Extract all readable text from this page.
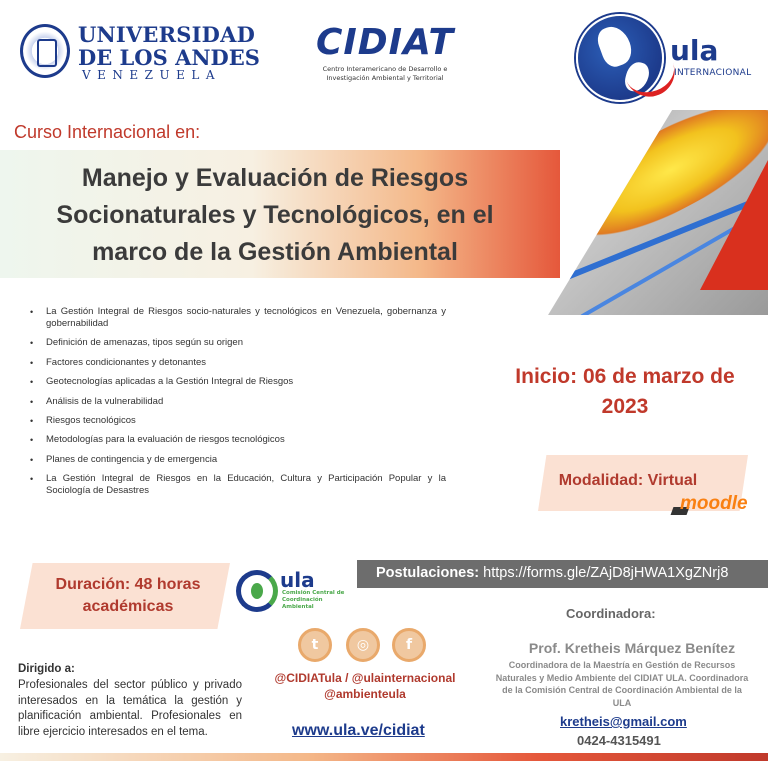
UNIVERSIDAD
DE LOS ANDES
VENEZUELA
CIDIAT
Centro Interamericano de Desarrollo e Investigación Ambiental y Territorial
ula
INTERNACIONAL
Curso Internacional en:
Manejo y Evaluación de Riesgos Socionaturales y Tecnológicos, en el marco de la Gestión Ambiental
• La Gestión Integral de Riesgos socio-naturales y tecnológicos en Venezuela, gobernanza y gobernabilidad
• Definición de amenazas, tipos según su origen
• Factores condicionantes y detonantes
• Geotecnologías aplicadas a la Gestión Integral de Riesgos
• Análisis de la vulnerabilidad
• Riesgos tecnológicos
• Metodologías para la evaluación de riesgos tecnológicos
• Planes de contingencia y de emergencia
• La Gestión Integral de Riesgos en la Educación, Cultura y Participación Popular y la Sociología de Desastres
Inicio: 06 de marzo de 2023
Modalidad: Virtual
moodle
Duración: 48 horas académicas
ula
Comisión Central de Coordinación Ambiental
Postulaciones: https://forms.gle/ZAjD8jHWA1XgZNrj8
t	◎	f
@CIDIATula / @ulainternacional @ambienteula
www.ula.ve/cidiat
Dirigido a:
Profesionales del sector público y privado interesados en la temática la gestión y planificación ambiental. Profesionales en libre ejercicio interesados en el tema.
Coordinadora:
Prof. Kretheis Márquez Benítez
Coordinadora de la Maestría en Gestión de Recursos Naturales y Medio Ambiente del CIDIAT ULA. Coordinadora de la Comisión Central de Coordinación Ambiental de la ULA
kretheis@gmail.com
0424-4315491
